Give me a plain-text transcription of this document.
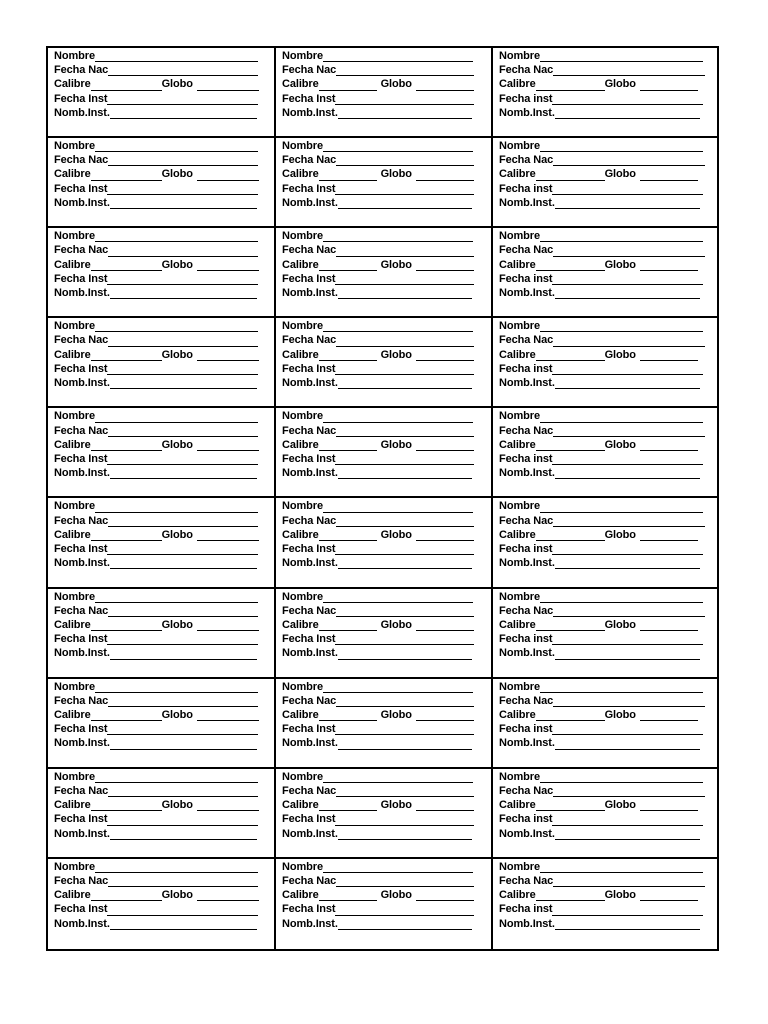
Nombre
Fecha Nac
Calibre	Globo
Fecha Inst
Nomb.Inst.
Nombre
Fecha Nac
Calibre	Globo
Fecha Inst
Nomb.Inst.
Nombre
Fecha Nac
Calibre	Globo
Fecha inst
Nomb.Inst.
Nombre
Fecha Nac
Calibre	Globo
Fecha Inst
Nomb.Inst.
Nombre
Fecha Nac
Calibre	Globo
Fecha Inst
Nomb.Inst.
Nombre
Fecha Nac
Calibre	Globo
Fecha inst
Nomb.Inst.
Nombre
Fecha Nac
Calibre	Globo
Fecha Inst
Nomb.Inst.
Nombre
Fecha Nac
Calibre	Globo
Fecha Inst
Nomb.Inst.
Nombre
Fecha Nac
Calibre	Globo
Fecha inst
Nomb.Inst.
Nombre
Fecha Nac
Calibre	Globo
Fecha Inst
Nomb.Inst.
Nombre
Fecha Nac
Calibre	Globo
Fecha Inst
Nomb.Inst.
Nombre
Fecha Nac
Calibre	Globo
Fecha inst
Nomb.Inst.
Nombre
Fecha Nac
Calibre	Globo
Fecha Inst
Nomb.Inst.
Nombre
Fecha Nac
Calibre	Globo
Fecha Inst
Nomb.Inst.
Nombre
Fecha Nac
Calibre	Globo
Fecha inst
Nomb.Inst.
Nombre
Fecha Nac
Calibre	Globo
Fecha Inst
Nomb.Inst.
Nombre
Fecha Nac
Calibre	Globo
Fecha Inst
Nomb.Inst.
Nombre
Fecha Nac
Calibre	Globo
Fecha inst
Nomb.Inst.
Nombre
Fecha Nac
Calibre	Globo
Fecha Inst
Nomb.Inst.
Nombre
Fecha Nac
Calibre	Globo
Fecha Inst
Nomb.Inst.
Nombre
Fecha Nac
Calibre	Globo
Fecha inst
Nomb.Inst.
Nombre
Fecha Nac
Calibre	Globo
Fecha Inst
Nomb.Inst.
Nombre
Fecha Nac
Calibre	Globo
Fecha Inst
Nomb.Inst.
Nombre
Fecha Nac
Calibre	Globo
Fecha inst
Nomb.Inst.
Nombre
Fecha Nac
Calibre	Globo
Fecha Inst
Nomb.Inst.
Nombre
Fecha Nac
Calibre	Globo
Fecha Inst
Nomb.Inst.
Nombre
Fecha Nac
Calibre	Globo
Fecha inst
Nomb.Inst.
Nombre
Fecha Nac
Calibre	Globo
Fecha Inst
Nomb.Inst.
Nombre
Fecha Nac
Calibre	Globo
Fecha Inst
Nomb.Inst.
Nombre
Fecha Nac
Calibre	Globo
Fecha inst
Nomb.Inst.
